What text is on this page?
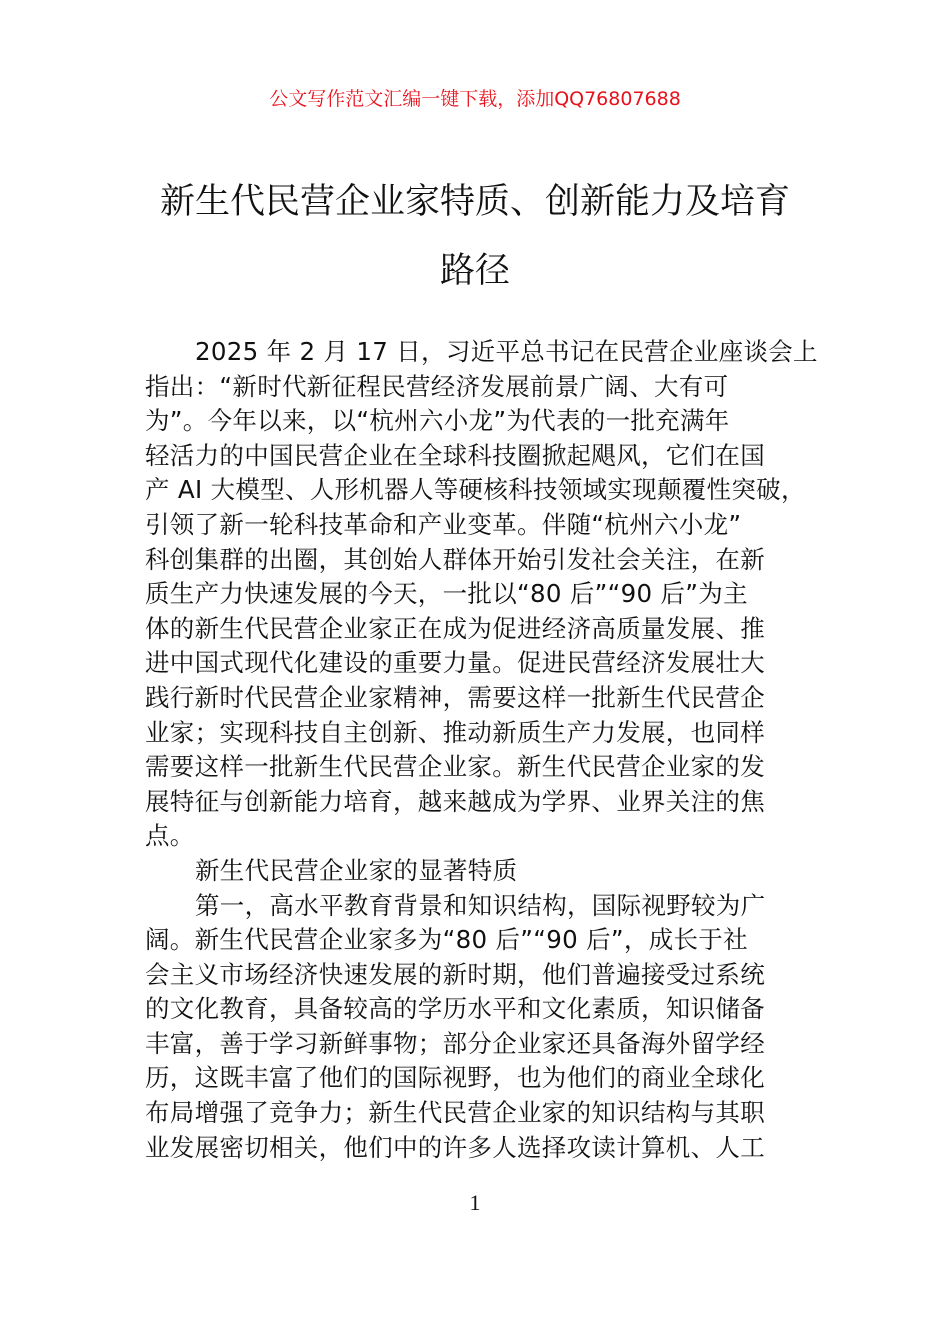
公文写作范文汇编一键下载，添加QQ76807688
新生代民营企业家特质、创新能力及培育
路径
2025 年 2 月 17 日，习近平总书记在民营企业座谈会上
指出：“新时代新征程民营经济发展前景广阔、大有可
为”。今年以来，以“杭州六小龙”为代表的一批充满年
轻活力的中国民营企业在全球科技圈掀起飓风，它们在国
产 AI 大模型、人形机器人等硬核科技领域实现颠覆性突破，
引领了新一轮科技革命和产业变革。伴随“杭州六小龙”
科创集群的出圈，其创始人群体开始引发社会关注，在新
质生产力快速发展的今天，一批以“80 后”“90 后”为主
体的新生代民营企业家正在成为促进经济高质量发展、推
进中国式现代化建设的重要力量。促进民营经济发展壮大
践行新时代民营企业家精神，需要这样一批新生代民营企
业家；实现科技自主创新、推动新质生产力发展，也同样
需要这样一批新生代民营企业家。新生代民营企业家的发
展特征与创新能力培育，越来越成为学界、业界关注的焦
点。
新生代民营企业家的显著特质
第一，高水平教育背景和知识结构，国际视野较为广
阔。新生代民营企业家多为“80 后”“90 后”，成长于社
会主义市场经济快速发展的新时期，他们普遍接受过系统
的文化教育，具备较高的学历水平和文化素质，知识储备
丰富，善于学习新鲜事物；部分企业家还具备海外留学经
历，这既丰富了他们的国际视野，也为他们的商业全球化
布局增强了竞争力；新生代民营企业家的知识结构与其职
业发展密切相关，他们中的许多人选择攻读计算机、人工
1
